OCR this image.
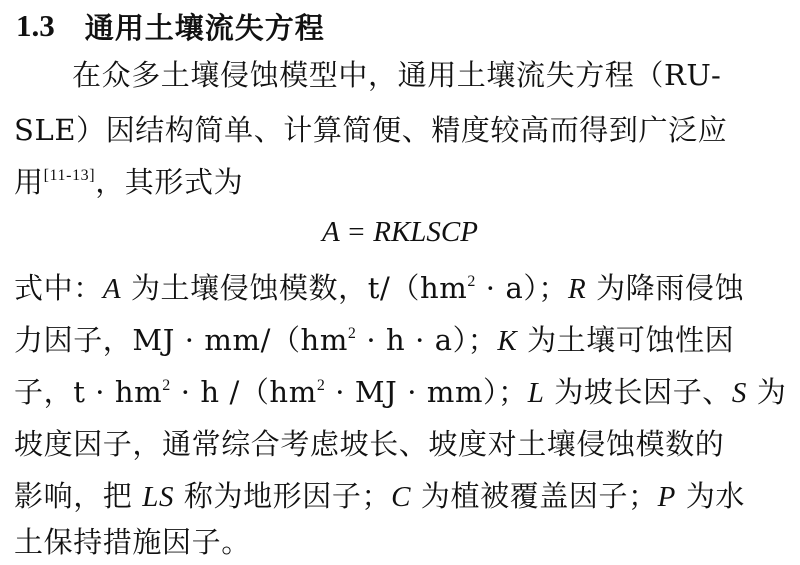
1.3 通用土壤流失方程
在众多土壤侵蚀模型中，通用土壤流失方程（RU-
SLE）因结构简单、计算简便、精度较高而得到广泛应
用[11-13]，其形式为
A = RKLSCP
式中：A 为土壤侵蚀模数，$t/(hm^2 \cdot a)$；R 为降雨侵蚀
力因子，MJ · $mm/(hm^2 \cdot h \cdot a)$；K 为土壤可蚀性因
子，$t \cdot hm^2 \cdot h$ $/(hm^2$ · MJ · mm）；L 为坡长因子、S 为
坡度因子，通常综合考虑坡长、坡度对土壤侵蚀模数的
影响，把 LS 称为地形因子；C 为植被覆盖因子；P 为水
土保持措施因子。
